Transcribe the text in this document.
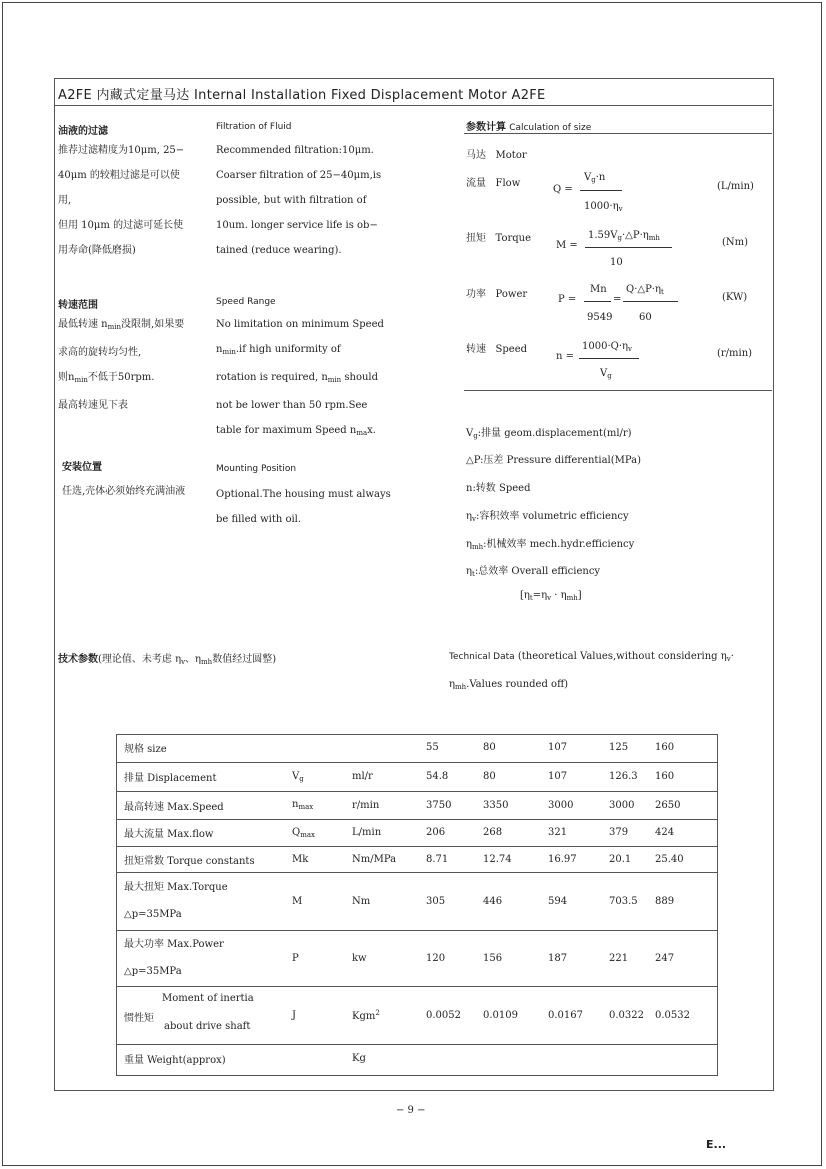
A2FE 内藏式定量马达 Internal Installation Fixed Displacement Motor A2FE
油液的过滤
推荐过滤精度为10μm, 25−
40μm 的较粗过滤是可以使
用,
但用 10μm 的过滤可延长使
用寿命(降低磨损)
Filtration of Fluid
Recommended filtration:10μm.
Coarser filtration of 25−40μm,is
possible, but with filtration of
10um. longer service life is ob−
tained (reduce wearing).
转速范围
最低转速 $n_{min}$没限制,如果要
求高的旋转均匀性,
则$n_{min}$不低于50rpm.
最高转速见下表
Speed Range
No limitation on minimum Speed
$n_{min}.if$ high uniformity of
rotation is required, $n_{min}$ should
not be lower than 50 rpm.See
table for maximum Speed $n_{ma}x$.
安装位置
任选,壳体必须始终充满油液
Mounting Position
Optional.The housing must always
be filled with oil.
参数计算 Calculation of size
马达 Motor
流量 Flow
Q =
$V_g\cdot n$
$1000\cdot\eta_v$
(L/min)
扭矩 Torque
M =
$1.59V_g\cdot\triangle P\cdot\eta_{mh}$
10
(Nm)
功率 Power	P =
Mn
9549
=
$Q\cdot\triangle P\cdot\eta_t$
60
(KW)
转速 Speed
n =
$1000\cdot Q\cdot\eta_v$
$V_g$
(r/min)
$V_g$:排量 geom.displacement(ml/r)
△P:压差 Pressure differential(MPa)
n:转数 Speed
$\eta_v$:容积效率 volumetric efficiency
$\eta_{mh}$:机械效率 mech.hydr.efficiency
$\eta_t$:总效率 Overall efficiency
$[\eta_t=\eta_v \cdot \eta_{mh}]$
技术参数(理论值、未考虑 $\eta_v$、$\eta_{mh}$数值经过圆整)	Technical Data (theoretical Values,without considering $\eta_v\cdot$
$\eta_{mh}.Values$ rounded off)
规格 size			55	80	107	125	160
排量 Displacement	$V_g$	ml/r	54.8	80	107	126.3	160
最高转速 Max.Speed	$n_{max}$	r/min	3750	3350	3000	3000	2650
最大流量 Max.flow	$Q_{max}$	L/min	206	268	321	379	424
扭矩常数 Torque constants	Mk	Nm/MPa	8.71	12.74	16.97	20.1	25.40

最大扭矩 Max.Torque
△p=35MPa	M	Nm	305	446	594	703.5	889

最大功率 Max.Power
△p=35MPa	P	kw	120	156	187	221	247

Moment of inertia
惯性矩
about drive shaft	J	Kgm$^2$	0.0052	0.0109	0.0167	0.0322	0.0532
重量 Weight(approx)		Kg					
− 9 −
E...
